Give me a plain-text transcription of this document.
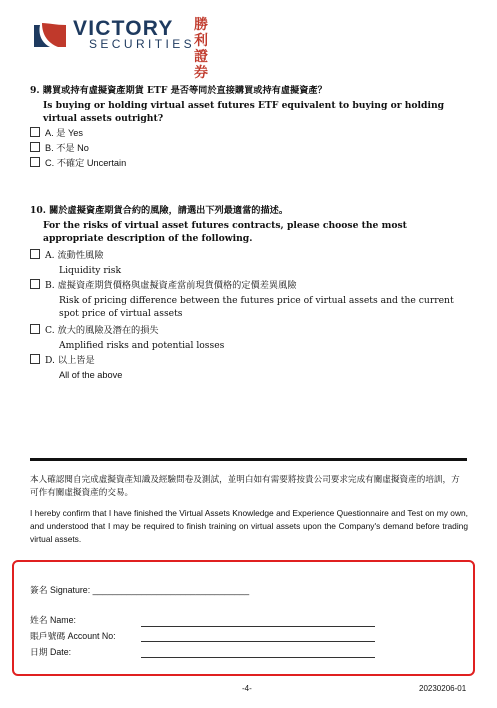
VICTORY
SECURITIES
勝利證券
9. 購買或持有虛擬資產期貨 ETF 是否等同於直接購買或持有虛擬資產？
Is buying or holding virtual asset futures ETF equivalent to buying or holding virtual assets outright?
A. 是 Yes
B. 不是 No
C. 不確定 Uncertain
10. 關於虛擬資產期貨合約的風險，請選出下列最適當的描述。
For the risks of virtual asset futures contracts, please choose the most appropriate description of the following.
A. 流動性風險
Liquidity risk
B. 虛擬資產期貨價格與虛擬資產當前現貨價格的定價差異風險
Risk of pricing difference between the futures price of virtual assets and the current spot price of virtual assets
C. 放大的風險及潛在的損失
Amplified risks and potential losses
D. 以上皆是
All of the above
本人確認閱自完成虛擬資產知識及經驗問卷及測試，並明白如有需要將按貴公司要求完成有關虛擬資產的培訓，方可作有關虛擬資產的交易。
I hereby confirm that I have finished the Virtual Assets Knowledge and Experience Questionnaire and Test on my own, and understood that I may be required to finish training on virtual assets upon the Company's demand before trading virtual assets.
簽名 Signature: ________________________________
姓名 Name:
賬戶號碼 Account No:
日期 Date:
-4-	20230206-01
